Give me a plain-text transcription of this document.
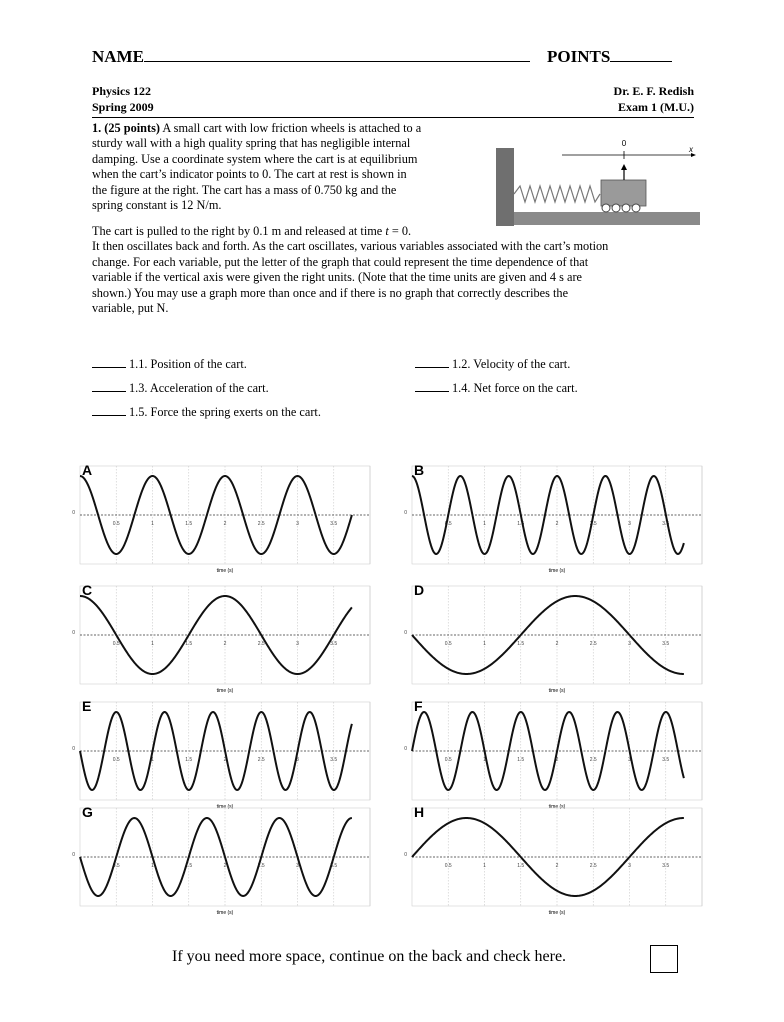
NAME	POINTS
Physics 122
Spring 2009
Dr. E. F. Redish
Exam 1 (M.U.)
1. (25 points) A small cart with low friction wheels is attached to a
sturdy wall with a high quality spring that has negligible internal
damping. Use a coordinate system where the cart is at equilibrium
when the cart’s indicator points to 0. The cart at rest is shown in
the figure at the right. The cart has a mass of 0.750 kg and the
spring constant is 12 N/m.
0
x
The cart is pulled to the right by 0.1 m and released at time t = 0.
It then oscillates back and forth. As the cart oscillates, various variables associated with the cart’s motion
change. For each variable, put the letter of the graph that could represent the time dependence of that
variable if the vertical axis were given the right units. (Note that the time units are given and 4 s are
shown.) You may use a graph more than once and if there is no graph that correctly describes the
variable, put N.
1.1. Position of the cart.	1.2. Velocity of the cart.
1.3. Acceleration of the cart.	1.4. Net force on the cart.
1.5. Force the spring exerts on the cart.
0
0.5	1	1.5	2	2.5	3	3.5
time (s)
A
0
0.5	1	1.5	2	2.5	3	3.5
time (s)
B
0
0.5	1	1.5	2	2.5	3	3.5
time (s)
C
0
0.5	1	1.5	2	2.5	3	3.5
time (s)
D
0
0.5	1	1.5	2	2.5	3	3.5
time (s)
E
0
0.5	1	1.5	2	2.5	3	3.5
time (s)
F
0
0.5	1	1.5	2	2.5	3	3.5
time (s)
G
0
0.5	1	1.5	2	2.5	3	3.5
time (s)
H
If you need more space, continue on the back and check here.
